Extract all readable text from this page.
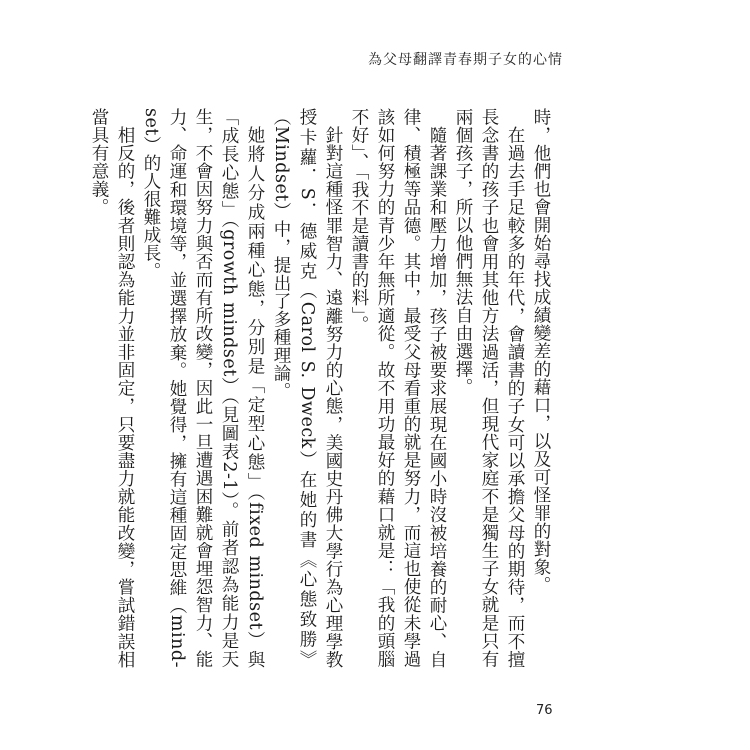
為父母翻譯青春期子女的心情

時，他們也會開始尋找成績變差的藉口，以及可怪罪的對象。

在過去手足較多的年代，會讀書的子女可以承擔父母的期待，而不擅長念書的孩子也會用其他方法過活，但現代家庭不是獨生子女就是只有兩個孩子，所以他們無法自由選擇。

隨著課業和壓力增加，孩子被要求展現在國小時沒被培養的耐心、自律、積極等品德。其中，最受父母看重的就是努力，而這也使從未學過該如何努力的青少年無所適從。故不用功最好的藉口就是：「我的頭腦不好」、「我不是讀書的料」。

針對這種怪罪智力、遠離努力的心態，美國史丹佛大學行為心理學教授卡蘿．S．德威克（Carol S. Dweck）在她的書《心態致勝》（Mindset）中，提出了多種理論。

她將人分成兩種心態，分別是「定型心態」（fixed mindset）與「成長心態」（growth mindset）（見圖表2-1）。前者認為能力是天生，不會因努力與否而有所改變，因此一旦遭遇困難就會埋怨智力、能力、命運和環境等，並選擇放棄。她覺得，擁有這種固定思維（mind-set）的人很難成長。

相反的，後者則認為能力並非固定，只要盡力就能改變，嘗試錯誤相當具有意義。

76
